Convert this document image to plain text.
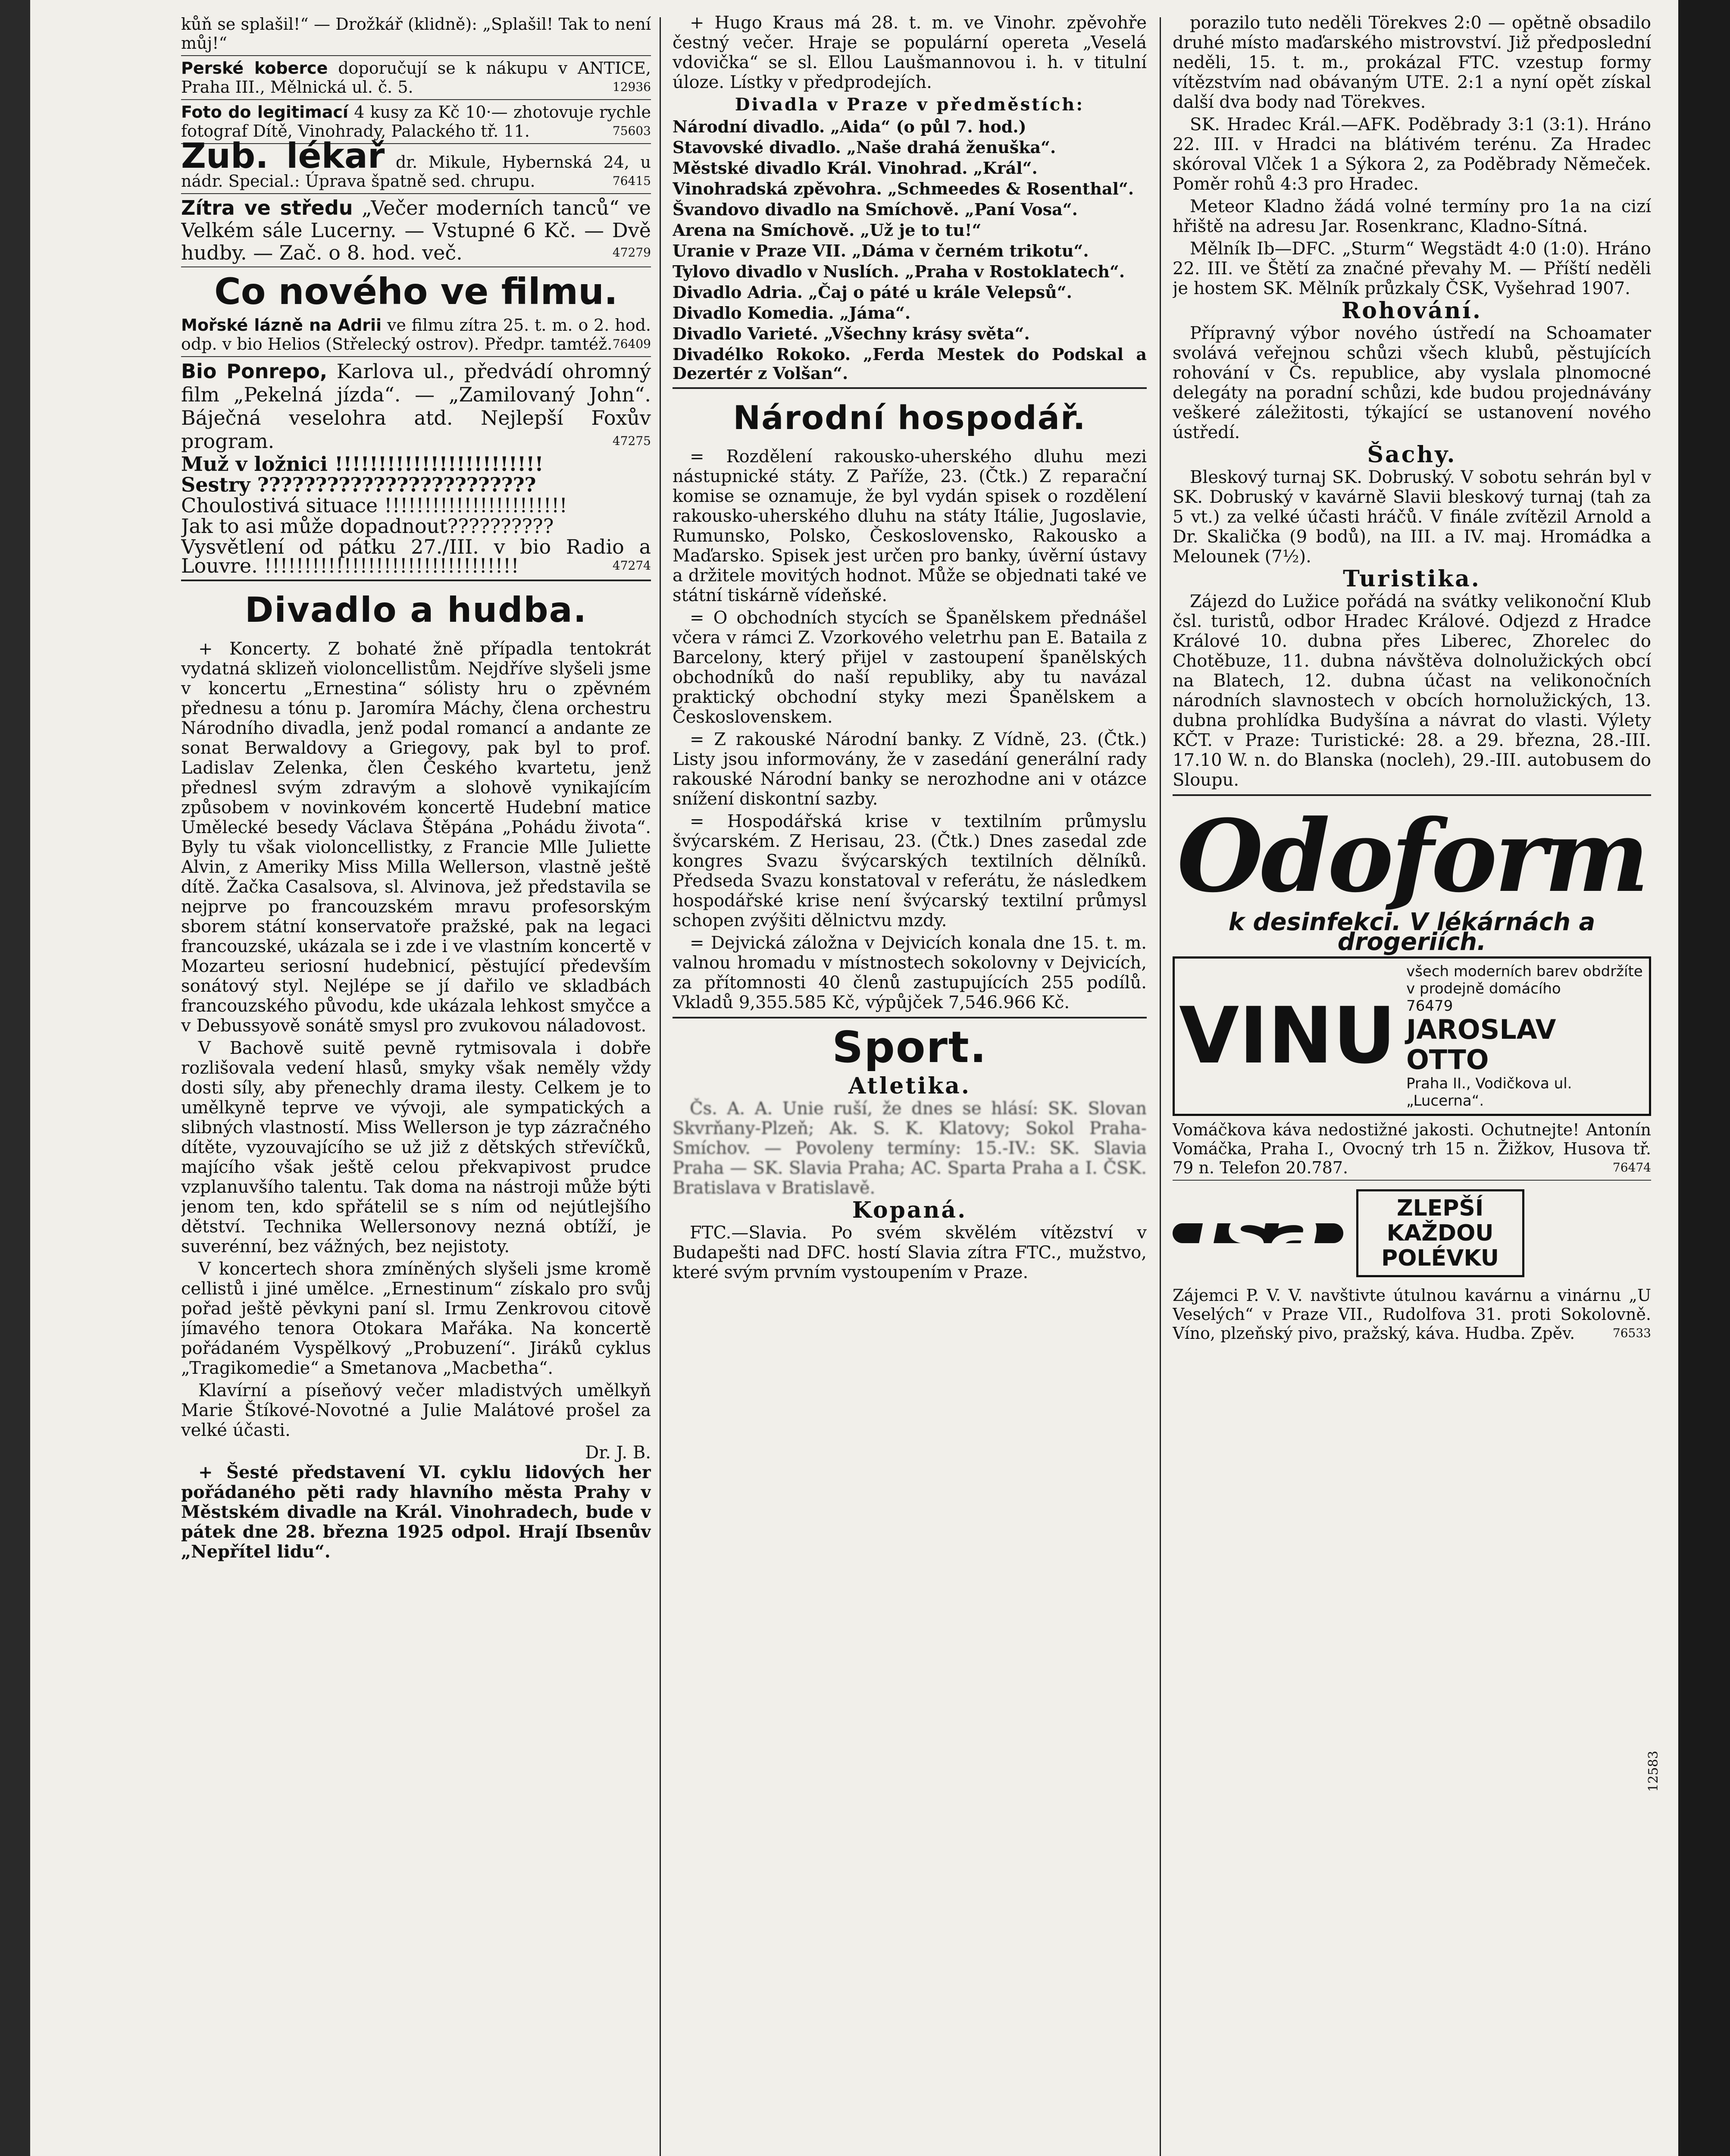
kůň se splašil!“ — Drožkář (klidně): „Splašil! Tak to není můj!“
Perské koberce doporučují se k nákupu v ANTICE, Praha III., Mělnická ul. č. 5.	12936
Foto do legitimací 4 kusy za Kč 10·— zhotovuje rychle fotograf Dítě, Vinohrady, Palackého tř. 11.	75603
Zub. lékař dr. Mikule, Hybernská 24, u nádr. Special.: Úprava špatně sed. chrupu.	76415
Zítra ve středu „Večer moderních tanců“ ve Velkém sále Lucerny. — Vstupné 6 Kč. — Dvě hudby. — Zač. o 8. hod. več.	47279
Co nového ve filmu.
Mořské lázně na Adrii ve filmu zítra 25. t. m. o 2. hod. odp. v bio Helios (Střelecký ostrov). Předpr. tamtéž. 76409
Bio Ponrepo, Karlova ul., předvádí ohromný film „Pekelná jízda“. — „Zamilovaný John“. Báječná veselohra atd. Nejlepší Foxův program.	47275
Muž v ložnici !!!!!!!!!!!!!!!!!!!!!!!!
Sestry ????????????????????????
Choulostivá situace !!!!!!!!!!!!!!!!!!!!!!!
Jak to asi může dopadnout??????????
Vysvětlení od pátku 27./III. v bio Radio a Louvre. !!!!!!!!!!!!!!!!!!!!!!!!!!!!!!!!	47274
Divadlo a hudba.

+ Koncerty. Z bohaté žně případla tentokrát vydatná sklizeň violoncellistům. Nejdříve slyšeli jsme v koncertu „Ernestina“ sólisty hru o zpěvném přednesu a tónu p. Jaromíra Máchy, člena orchestru Národního divadla, jenž podal romancí a andante ze sonat Berwaldovy a Griegovy, pak byl to prof. Ladislav Zelenka, člen Českého kvartetu, jenž přednesl svým zdravým a slohově vynikajícím způsobem v novinkovém koncertě Hudební matice Umělecké besedy Václava Štěpána „Pohádu života“. Byly tu však violoncellistky, z Francie Mlle Juliette Alvin, z Ameriky Miss Milla Wellerson, vlastně ještě dítě. Žačka Casalsova, sl. Alvinova, jež představila se nejprve po francouzském mravu profesorským sborem státní konservatoře pražské, pak na legaci francouzské, ukázala se i zde i ve vlastním koncertě v Mozarteu seriosní hudebnicí, pěstující především sonátový styl. Nejlépe se jí dařilo ve skladbách francouzského původu, kde ukázala lehkost smyčce a v Debussyově sonátě smysl pro zvukovou náladovost.

V Bachově suitě pevně rytmisovala i dobře rozlišovala vedení hlasů, smyky však neměly vždy dosti síly, aby přenechly drama ilesty. Celkem je to umělkyně teprve ve vývoji, ale sympatických a slibných vlastností. Miss Wellerson je typ zázračného dítěte, vyzouvajícího se už již z dětských střevíčků, majícího však ještě celou překvapivost prudce vzplanuvšího talentu. Tak doma na nástroji může býti jenom ten, kdo spřátelil se s ním od nejútlejšího dětství. Technika Wellersonovy nezná obtíží, je suverénní, bez vážných, bez nejistoty.

V koncertech shora zmíněných slyšeli jsme kromě cellistů i jiné umělce. „Ernestinum“ získalo pro svůj pořad ještě pěvkyni paní sl. Irmu Zenkrovou citově jímavého tenora Otokara Mařáka. Na koncertě pořádaném Vyspělkový „Probuzení“. Jiráků cyklus „Tragikomedie“ a Smetanova „Macbetha“.

Klavírní a píseňový večer mladistvých umělkyň Marie Štíkové-Novotné a Julie Malátové prošel za velké účasti.

Dr. J. B.

+ Šesté představení VI. cyklu lidových her pořádaného pěti rady hlavního města Prahy v Městském divadle na Král. Vinohradech, bude v pátek dne 28. března 1925 odpol. Hrají Ibsenův „Nepřítel lidu“.

+ Hugo Kraus má 28. t. m. ve Vinohr. zpěvohře čestný večer. Hraje se populární opereta „Veselá vdovička“ se sl. Ellou Laušmannovou i. h. v titulní úloze. Lístky v předprodejích.

Divadla v Praze v předměstích:
Národní divadlo. „Aida“ (o půl 7. hod.)
Stavovské divadlo. „Naše drahá ženuška“.
Městské divadlo Král. Vinohrad. „Král“.
Vinohradská zpěvohra. „Schmeedes & Rosenthal“.
Švandovo divadlo na Smíchově. „Paní Vosa“.
Arena na Smíchově. „Už je to tu!“
Uranie v Praze VII. „Dáma v černém trikotu“.
Tylovo divadlo v Nuslích. „Praha v Rostoklatech“.
Divadlo Adria. „Čaj o páté u krále Velepsů“.
Divadlo Komedia. „Jáma“.
Divadlo Varieté. „Všechny krásy světa“.
Divadélko Rokoko. „Ferda Mestek do Podskal a Dezertér z Volšan“.
Národní hospodář.

= Rozdělení rakousko-uherského dluhu mezi nástupnické státy. Z Paříže, 23. (Čtk.) Z reparační komise se oznamuje, že byl vydán spisek o rozdělení rakousko-uherského dluhu na státy Itálie, Jugoslavie, Rumunsko, Polsko, Československo, Rakousko a Maďarsko. Spisek jest určen pro banky, úvěrní ústavy a držitele movitých hodnot. Může se objednati také ve státní tiskárně vídeňské.

= O obchodních stycích se Španělskem přednášel včera v rámci Z. Vzorkového veletrhu pan E. Bataila z Barcelony, který přijel v zastoupení španělských obchodníků do naší republiky, aby tu navázal praktický obchodní styky mezi Španělskem a Československem.

= Z rakouské Národní banky. Z Vídně, 23. (Čtk.) Listy jsou informovány, že v zasedání generální rady rakouské Národní banky se nerozhodne ani v otázce snížení diskontní sazby.

= Hospodářská krise v textilním průmyslu švýcarském. Z Herisau, 23. (Čtk.) Dnes zasedal zde kongres Svazu švýcarských textilních dělníků. Předseda Svazu konstatoval v referátu, že následkem hospodářské krise není švýcarský textilní průmysl schopen zvýšiti dělnictvu mzdy.

= Dejvická záložna v Dejvicích konala dne 15. t. m. valnou hromadu v místnostech sokolovny v Dejvicích, za přítomnosti 40 členů zastupujících 255 podílů. Vkladů 9,355.585 Kč, výpůjček 7,546.966 Kč.

Sport.
Atletika.

Čs. A. A. Unie ruší, že dnes se hlásí: SK. Slovan Skvrňany-Plzeň; Ak. S. K. Klatovy; Sokol Praha-Smíchov. — Povoleny termíny: 15.-IV.: SK. Slavia Praha — SK. Slavia Praha; AC. Sparta Praha a I. ČSK. Bratislava v Bratislavě.

Kopaná.

FTC.—Slavia. Po svém skvělém vítězství v Budapešti nad DFC. hostí Slavia zítra FTC., mužstvo, které svým prvním vystoupením v Praze.

porazilo tuto neděli Törekves 2:0 — opětně obsadilo druhé místo maďarského mistrovství. Již předposlední neděli, 15. t. m., prokázal FTC. vzestup formy vítězstvím nad obávaným UTE. 2:1 a nyní opět získal další dva body nad Törekves.

SK. Hradec Král.—AFK. Poděbrady 3:1 (3:1). Hráno 22. III. v Hradci na blátivém terénu. Za Hradec skóroval Vlček 1 a Sýkora 2, za Poděbrady Němeček. Poměr rohů 4:3 pro Hradec.

Meteor Kladno žádá volné termíny pro 1a na cizí hřiště na adresu Jar. Rosenkranc, Kladno-Sítná.

Mělník Ib—DFC. „Sturm“ Wegstädt 4:0 (1:0). Hráno 22. III. ve Štětí za značné převahy M. — Příští neděli je hostem SK. Mělník průzkaly ČSK, Vyšehrad 1907.

Rohování.

Přípravný výbor nového ústředí na Schoamater svolává veřejnou schůzi všech klubů, pěstujících rohování v Čs. republice, aby vyslala plnomocné delegáty na poradní schůzi, kde budou projednávány veškeré záležitosti, týkající se ustanovení nového ústředí.

Šachy.

Bleskový turnaj SK. Dobruský. V sobotu sehrán byl v SK. Dobruský v kavárně Slavii bleskový turnaj (tah za 5 vt.) za velké účasti hráčů. V finále zvítězil Arnold a Dr. Skalička (9 bodů), na III. a IV. maj. Hromádka a Melounek (7½).

Turistika.

Zájezd do Lužice pořádá na svátky velikonoční Klub čsl. turistů, odbor Hradec Králové. Odjezd z Hradce Králové 10. dubna přes Liberec, Zhorelec do Chotěbuze, 11. dubna návštěva dolnolužických obcí na Blatech, 12. dubna účast na velikonočních národních slavnostech v obcích hornolužických, 13. dubna prohlídka Budyšína a návrat do vlasti. Výlety KČT. v Praze: Turistické: 28. a 29. března, 28.-III. 17.10 W. n. do Blanska (nocleh), 29.-III. autobusem do Sloupu.

Odoform
k desinfekci. V lékárnách a drogeriích.
VINU
všech moderních barev obdržíte v prodejně domácího
76479
JAROSLAV OTTO
Praha II., Vodičkova ul. „Lucerna“.
Vomáčkova káva nedostižné jakosti. Ochutnejte! Antonín Vomáčka, Praha I., Ovocný trh 15 n. Žižkov, Husova tř. 79 n. Telefon 20.787.	76474
Isa	ZLEPŠÍ KAŽDOU POLÉVKU
Zájemci P. V. V. navštivte útulnou kavárnu a vinárnu „U Veselých“ v Praze VII., Rudolfova 31. proti Sokolovně. Víno, plzeňský pivo, pražský, káva. Hudba. Zpěv.	76533
12583
